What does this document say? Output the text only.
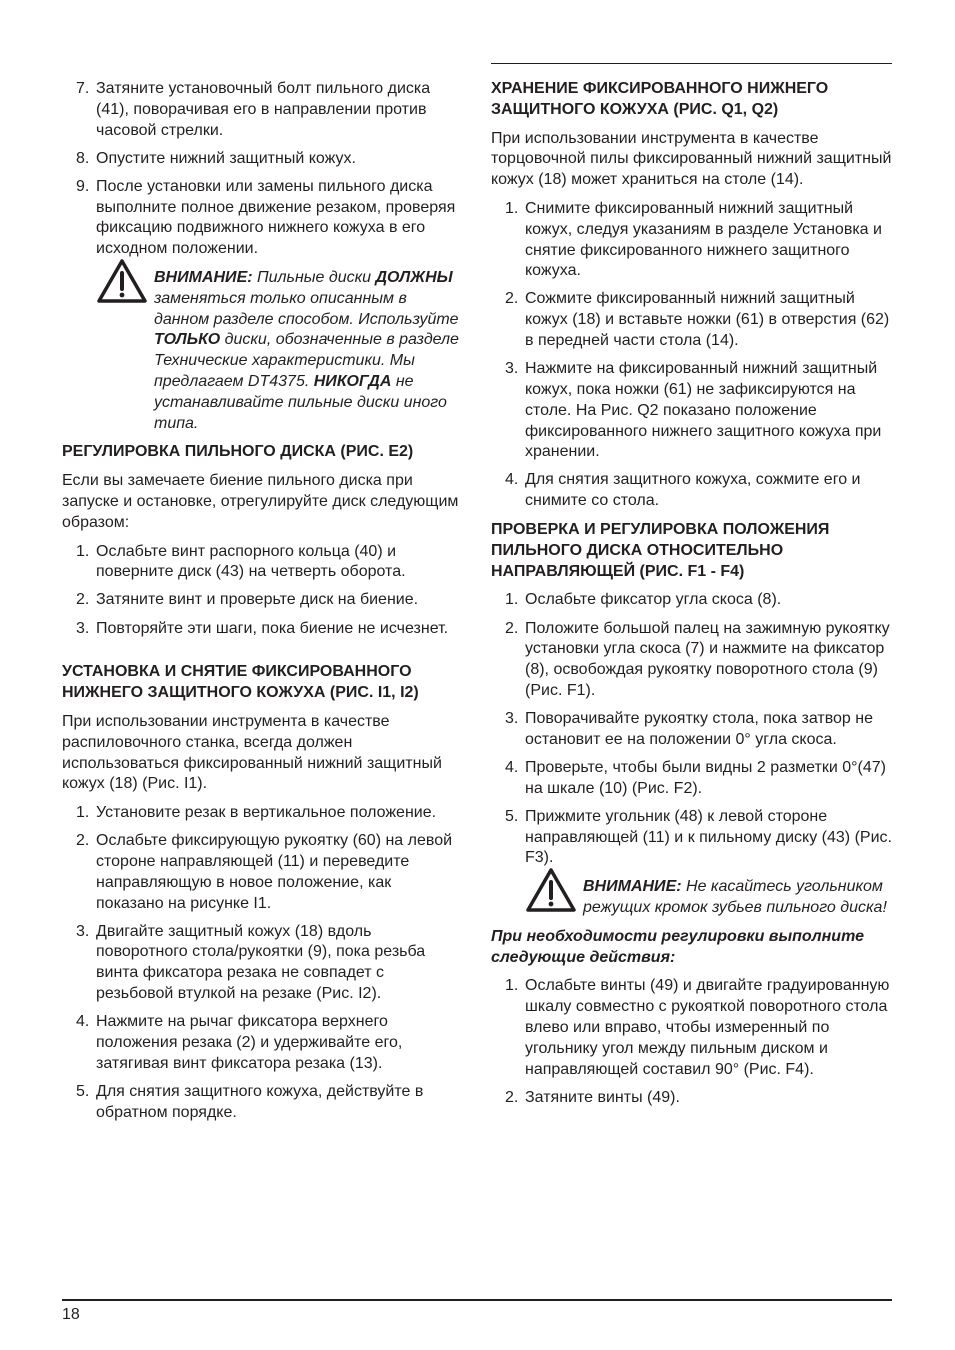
7. Затяните установочный болт пильного диска (41), поворачивая его в направлении против часовой стрелки.
8. Опустите нижний защитный кожух.
9. После установки или замены пильного диска выполните полное движение резаком, проверяя фиксацию подвижного нижнего кожуха в его исходном положении.
ВНИМАНИЕ: Пильные диски ДОЛЖНЫ заменяться только описанным в данном разделе способом. Используйте ТОЛЬКО диски, обозначенные в разделе Технические характеристики. Мы предлагаем DT4375. НИКОГДА не устанавливайте пильные диски иного типа.
РЕГУЛИРОВКА ПИЛЬНОГО ДИСКА (РИС. E2)

Если вы замечаете биение пильного диска при запуске и остановке, отрегулируйте диск следующим образом:

1. Ослабьте винт распорного кольца (40) и поверните диск (43) на четверть оборота.
2. Затяните винт и проверьте диск на биение.
3. Повторяйте эти шаги, пока биение не исчезнет.
УСТАНОВКА И СНЯТИЕ ФИКСИРОВАННОГО НИЖНЕГО ЗАЩИТНОГО КОЖУХА (РИС. I1, I2)

При использовании инструмента в качестве распиловочного станка, всегда должен использоваться фиксированный нижний защитный кожух (18) (Рис. I1).

1. Установите резак в вертикальное положение.
2. Ослабьте фиксирующую рукоятку (60) на левой стороне направляющей (11) и переведите направляющую в новое положение, как показано на рисунке I1.
3. Двигайте защитный кожух (18) вдоль поворотного стола/рукоятки (9), пока резьба винта фиксатора резака не совпадет с резьбовой втулкой на резаке (Рис. I2).
4. Нажмите на рычаг фиксатора верхнего положения резака (2) и удерживайте его, затягивая винт фиксатора резака (13).
5. Для снятия защитного кожуха, действуйте в обратном порядке.
ХРАНЕНИЕ ФИКСИРОВАННОГО НИЖНЕГО ЗАЩИТНОГО КОЖУХА (РИС. Q1, Q2)

При использовании инструмента в качестве торцовочной пилы фиксированный нижний защитный кожух (18) может храниться на столе (14).

1. Снимите фиксированный нижний защитный кожух, следуя указаниям в разделе Установка и снятие фиксированного нижнего защитного кожуха.
2. Сожмите фиксированный нижний защитный кожух (18) и вставьте ножки (61) в отверстия (62) в передней части стола (14).
3. Нажмите на фиксированный нижний защитный кожух, пока ножки (61) не зафиксируются на столе. На Рис. Q2 показано положение фиксированного нижнего защитного кожуха при хранении.
4. Для снятия защитного кожуха, сожмите его и снимите со стола.
ПРОВЕРКА И РЕГУЛИРОВКА ПОЛОЖЕНИЯ ПИЛЬНОГО ДИСКА ОТНОСИТЕЛЬНО НАПРАВЛЯЮЩЕЙ (РИС. F1 - F4)
1. Ослабьте фиксатор угла скоса (8).
2. Положите большой палец на зажимную рукоятку установки угла скоса (7) и нажмите на фиксатор (8), освобождая рукоятку поворотного стола (9) (Рис. F1).
3. Поворачивайте рукоятку стола, пока затвор не остановит ее на положении 0° угла скоса.
4. Проверьте, чтобы были видны 2 разметки 0°(47) на шкале (10) (Рис. F2).
5. Прижмите угольник (48) к левой стороне направляющей (11) и к пильному диску (43) (Рис. F3).
ВНИМАНИЕ: Не касайтесь угольником режущих кромок зубьев пильного диска!

При необходимости регулировки выполните следующие действия:

1. Ослабьте винты (49) и двигайте градуированную шкалу совместно с рукояткой поворотного стола влево или вправо, чтобы измеренный по угольнику угол между пильным диском и направляющей составил 90° (Рис. F4).
2. Затяните винты (49).
18
